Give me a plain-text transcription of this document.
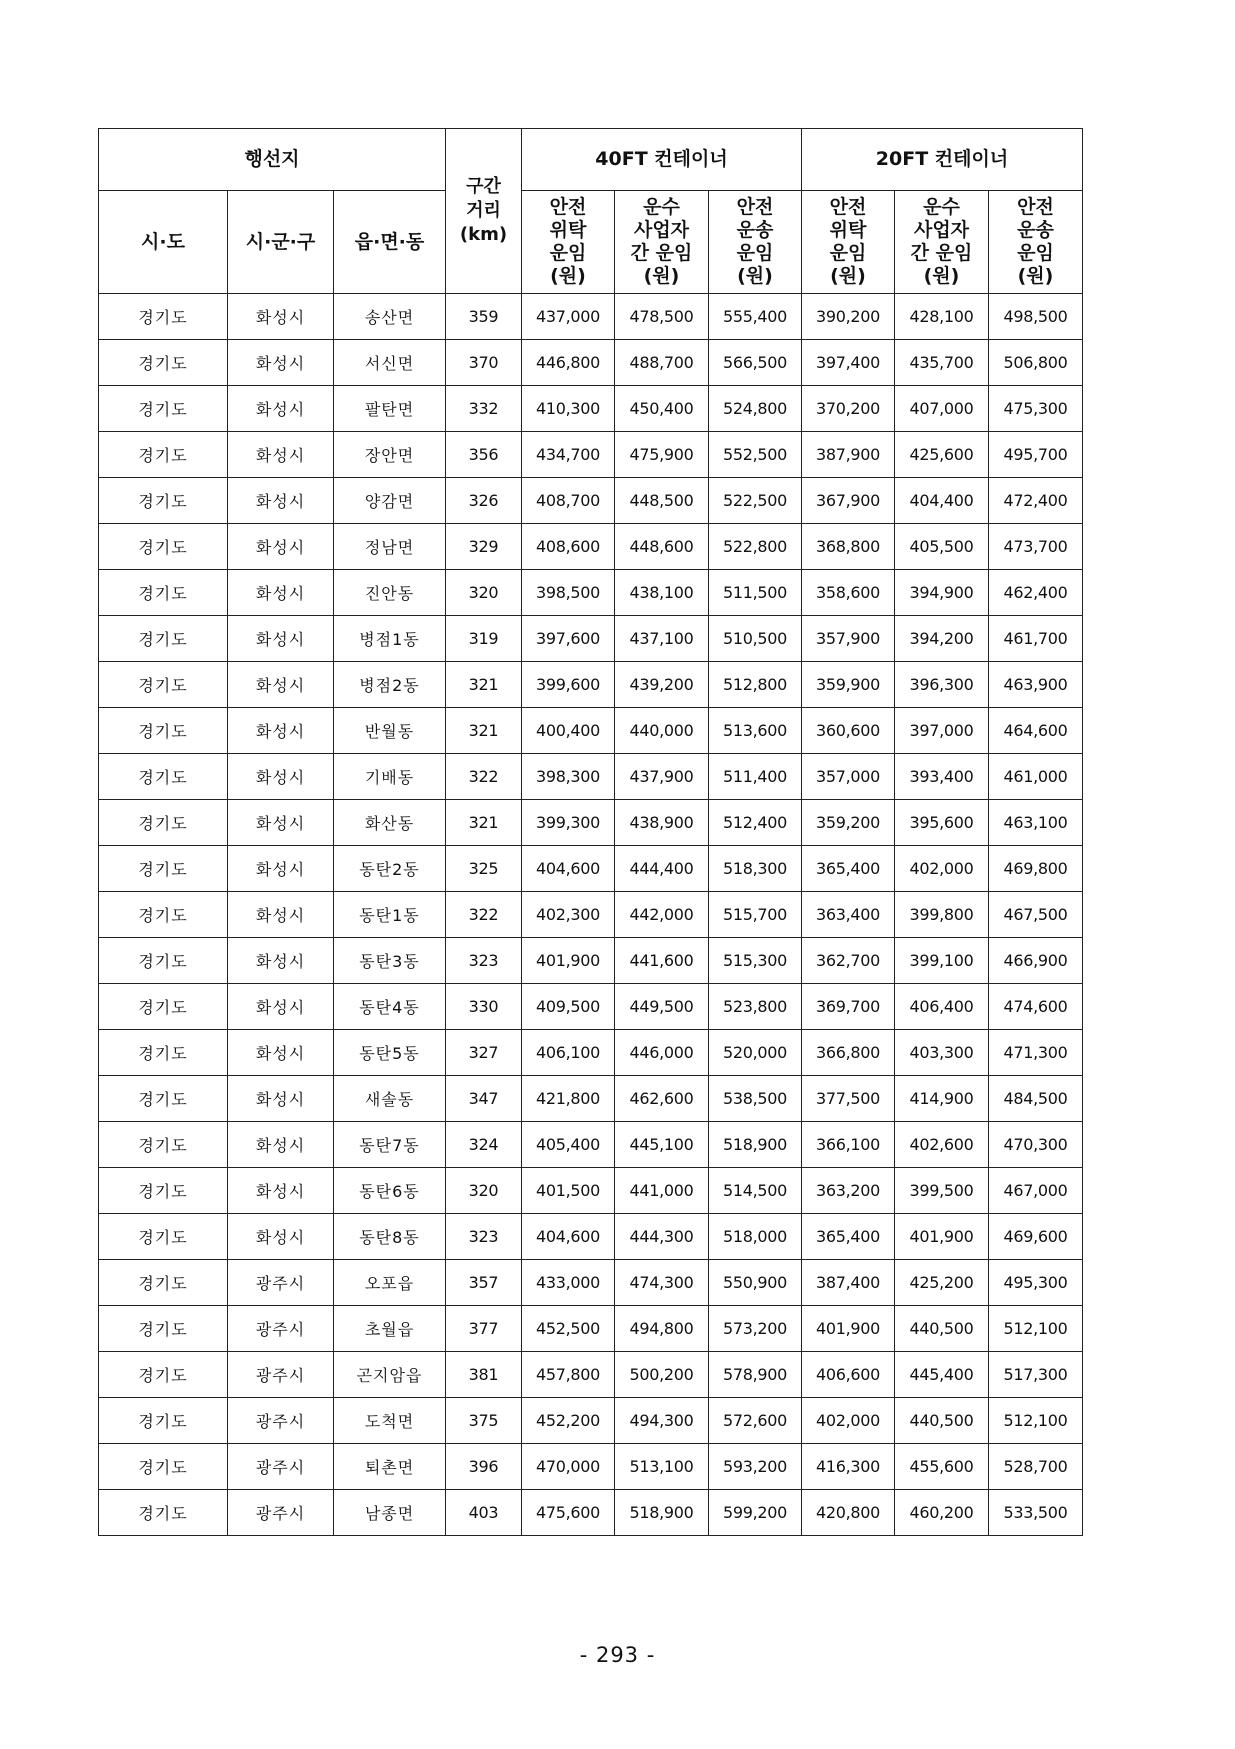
행선지			구간
거리
(km)	40FT 컨테이너			20FT 컨테이너		
시·도	시·군·구	읍·면·동		안전
위탁
운임
(원)	운수
사업자
간 운임
(원)	안전
운송
운임
(원)	안전
위탁
운임
(원)	운수
사업자
간 운임
(원)	안전
운송
운임
(원)
경기도	화성시	송산면	359	437,000	478,500	555,400	390,200	428,100	498,500
경기도	화성시	서신면	370	446,800	488,700	566,500	397,400	435,700	506,800
경기도	화성시	팔탄면	332	410,300	450,400	524,800	370,200	407,000	475,300
경기도	화성시	장안면	356	434,700	475,900	552,500	387,900	425,600	495,700
경기도	화성시	양감면	326	408,700	448,500	522,500	367,900	404,400	472,400
경기도	화성시	정남면	329	408,600	448,600	522,800	368,800	405,500	473,700
경기도	화성시	진안동	320	398,500	438,100	511,500	358,600	394,900	462,400
경기도	화성시	병점1동	319	397,600	437,100	510,500	357,900	394,200	461,700
경기도	화성시	병점2동	321	399,600	439,200	512,800	359,900	396,300	463,900
경기도	화성시	반월동	321	400,400	440,000	513,600	360,600	397,000	464,600
경기도	화성시	기배동	322	398,300	437,900	511,400	357,000	393,400	461,000
경기도	화성시	화산동	321	399,300	438,900	512,400	359,200	395,600	463,100
경기도	화성시	동탄2동	325	404,600	444,400	518,300	365,400	402,000	469,800
경기도	화성시	동탄1동	322	402,300	442,000	515,700	363,400	399,800	467,500
경기도	화성시	동탄3동	323	401,900	441,600	515,300	362,700	399,100	466,900
경기도	화성시	동탄4동	330	409,500	449,500	523,800	369,700	406,400	474,600
경기도	화성시	동탄5동	327	406,100	446,000	520,000	366,800	403,300	471,300
경기도	화성시	새솔동	347	421,800	462,600	538,500	377,500	414,900	484,500
경기도	화성시	동탄7동	324	405,400	445,100	518,900	366,100	402,600	470,300
경기도	화성시	동탄6동	320	401,500	441,000	514,500	363,200	399,500	467,000
경기도	화성시	동탄8동	323	404,600	444,300	518,000	365,400	401,900	469,600
경기도	광주시	오포읍	357	433,000	474,300	550,900	387,400	425,200	495,300
경기도	광주시	초월읍	377	452,500	494,800	573,200	401,900	440,500	512,100
경기도	광주시	곤지암읍	381	457,800	500,200	578,900	406,600	445,400	517,300
경기도	광주시	도척면	375	452,200	494,300	572,600	402,000	440,500	512,100
경기도	광주시	퇴촌면	396	470,000	513,100	593,200	416,300	455,600	528,700
경기도	광주시	남종면	403	475,600	518,900	599,200	420,800	460,200	533,500
- 293 -
